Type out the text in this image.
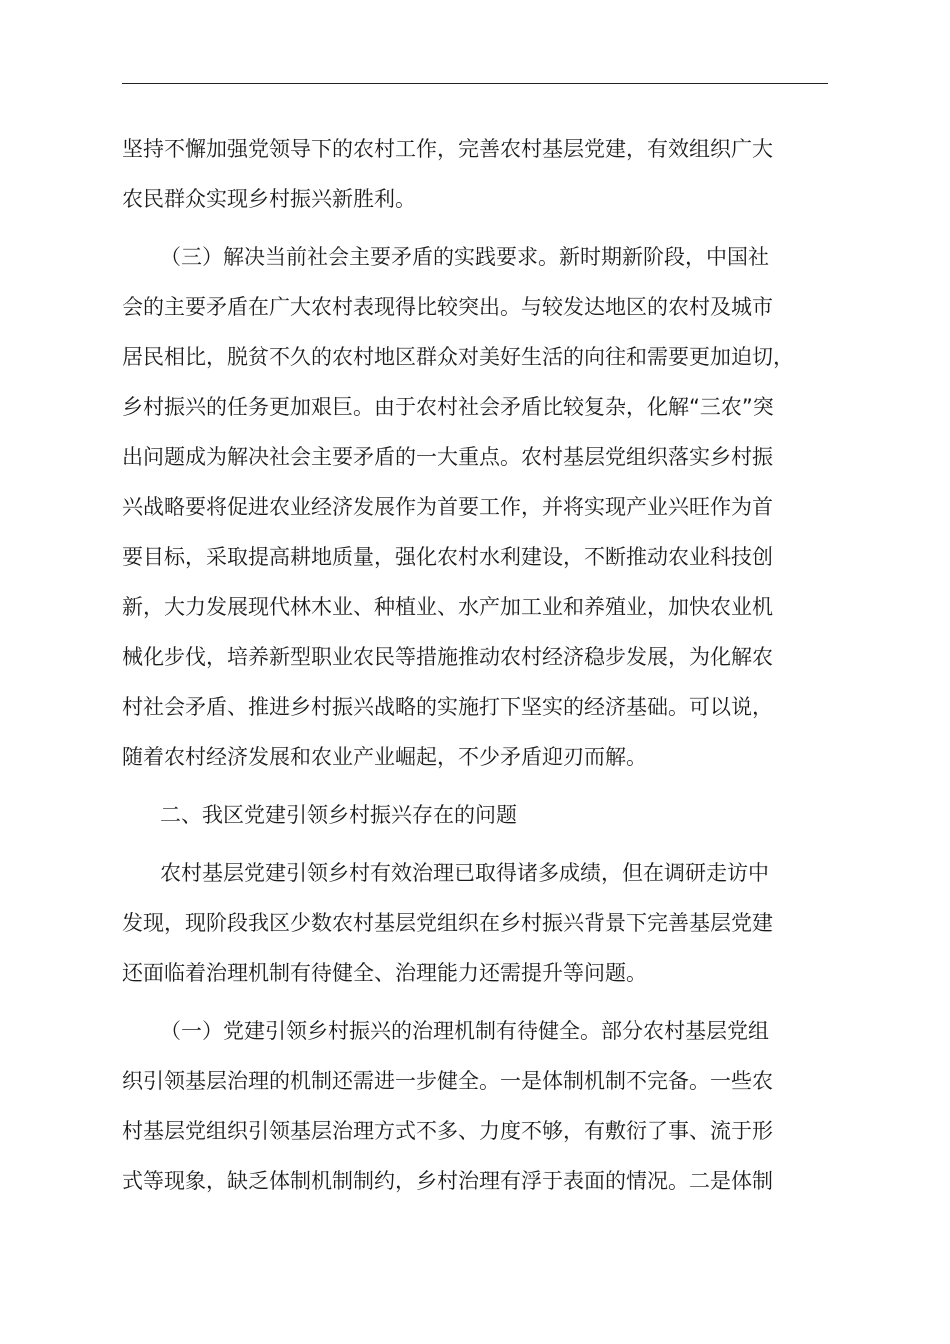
坚持不懈加强党领导下的农村工作，完善农村基层党建，有效组织广大
农民群众实现乡村振兴新胜利。
（三）解决当前社会主要矛盾的实践要求。新时期新阶段，中国社
会的主要矛盾在广大农村表现得比较突出。与较发达地区的农村及城市
居民相比，脱贫不久的农村地区群众对美好生活的向往和需要更加迫切，
乡村振兴的任务更加艰巨。由于农村社会矛盾比较复杂，化解“三农”突
出问题成为解决社会主要矛盾的一大重点。农村基层党组织落实乡村振
兴战略要将促进农业经济发展作为首要工作，并将实现产业兴旺作为首
要目标，采取提高耕地质量，强化农村水利建设，不断推动农业科技创
新，大力发展现代林木业、种植业、水产加工业和养殖业，加快农业机
械化步伐，培养新型职业农民等措施推动农村经济稳步发展，为化解农
村社会矛盾、推进乡村振兴战略的实施打下坚实的经济基础。可以说，
随着农村经济发展和农业产业崛起，不少矛盾迎刃而解。
二、我区党建引领乡村振兴存在的问题
农村基层党建引领乡村有效治理已取得诸多成绩，但在调研走访中
发现，现阶段我区少数农村基层党组织在乡村振兴背景下完善基层党建
还面临着治理机制有待健全、治理能力还需提升等问题。
（一）党建引领乡村振兴的治理机制有待健全。部分农村基层党组
织引领基层治理的机制还需进一步健全。一是体制机制不完备。一些农
村基层党组织引领基层治理方式不多、力度不够，有敷衍了事、流于形
式等现象，缺乏体制机制制约，乡村治理有浮于表面的情况。二是体制
